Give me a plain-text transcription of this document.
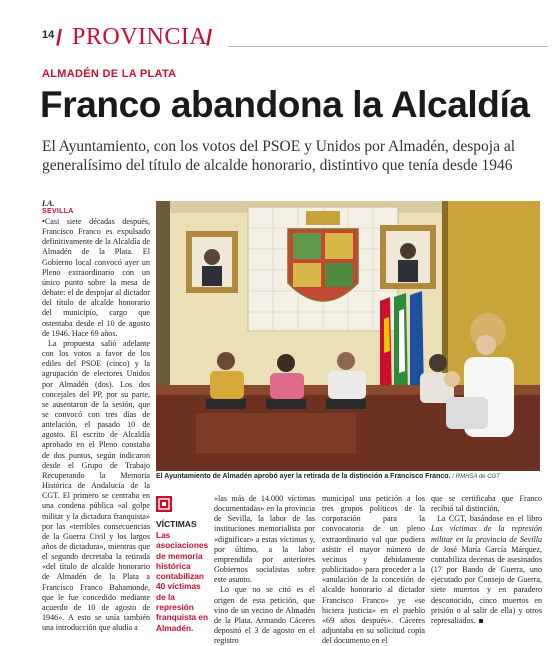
14 / PROVINCIA
/
ALMADÉN DE LA PLATA
Franco abandona la Alcaldía
El Ayuntamiento, con los votos del PSOE y Unidos por Almadén, despoja al generalísimo del título de alcalde honorario, distintivo que tenía desde 1946
I.A.
SEVILLA

•Casi siete décadas después, Francisco Franco es expulsado definitivamente de la Alcaldía de Almadén de la Plata. El Gobierno local convocó ayer un Pleno extraordinario con un único punto sobre la mesa de debate: el de despojar al dictador del título de alcalde honorario del municipio, cargo que ostentaba desde el 10 de agosto de 1946. Hace 69 años.

La propuesta salió adelante con los votos a favor de los ediles del PSOE (cinco) y la agrupación de electores Unidos por Almadén (dos). Los dos concejales del PP, por su parte, se ausentaron de la sesión, que se convocó con tres días de antelación, el pasado 10 de agosto. El escrito de Alcaldía aprobado en el Pleno constaba de dos puntos, según indicaron desde el Grupo de Trabajo Recuperando la Memoria Histórica de Andalucía de la CGT. El primero se centraba en una condena pública «al golpe militar y la dictadura franquista» por las «terribles consecuencias de la Guerra Civil y los largos años de dictadura», mientras que el segundo decretaba la retirada «del título de alcalde honorario de Almadén de la Plata a Francisco Franco Bahamonde, que le fue concedido mediante acuerdo de 10 de agosto de 1946». A esto se unía también una introducción que aludía a

El Ayuntamiento de Almadén aprobó ayer la retirada de la distinción a Francisco Franco. / RMHSA de CGT
VÍCTIMAS
Las asociaciones de memoria histórica contabilizan 40 víctimas de la represión franquista en Almadén.

«las más de 14.000 víctimas documentadas» en la provincia de Sevilla, la labor de las instituciones memorialista por «dignificar» a estas víctimas y, por último, a la labor emprendida por anteriores Gobiernos socialistas sobre este asunto.

Lo que no se citó es el origen de esta petición, que vino de un vecino de Almadén de la Plata. Armando Cáceres depositó el 3 de agosto en el registro

municipal una petición a los tres grupos políticos de la corporación para la convocatoria de un pleno extraordinario val que pudiera asistir el mayor número de vecinos y debidamente publicitado» para proceder a la «anulación de la concesión de alcalde honorario al dictador Francisco Franco» ye «se hiciera justicia» en el pueblo «69 años después». Cáceres adjuntaba en su solicitud copia del documento en el

que se certificaba que Franco recibió tal distinción.

La CGT, basándose en el libro Las víctimas de la represión militar en la provincia de Sevilla de José María García Márquez, contabiliza decenas de asesinados (17 por Bando de Guerra, uno ejecutado por Consejo de Guerra, siete muertos y en paradero desconocido, cinco muertos en prisión o al salir de ella) y otros represaliados.
